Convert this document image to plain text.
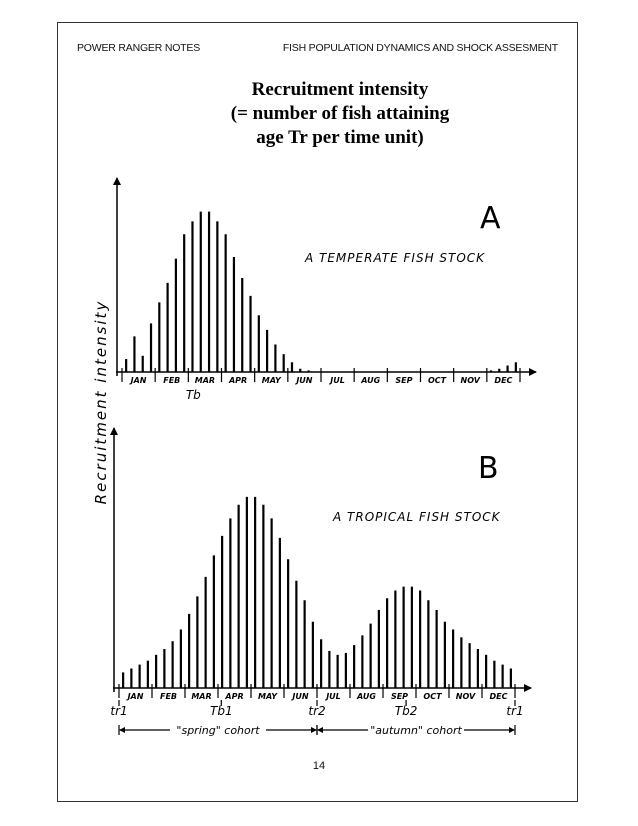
POWER RANGER NOTES	FISH POPULATION DYNAMICS AND SHOCK ASSESMENT
Recruitment intensity
(= number of fish attaining
age Tr per time unit)
JAN FEB MAR APR MAY JUN JUL AUG SEP OCT NOV DEC
A
A TEMPERATE FISH STOCK
Tb
JAN FEB MAR APR MAY JUN JUL AUG SEP OCT NOV DEC
B
A TROPICAL FISH STOCK
tr1	Tb1	tr2	Tb2	tr1
"spring" cohort	"autumn" cohort
Recruitment intensity
14
